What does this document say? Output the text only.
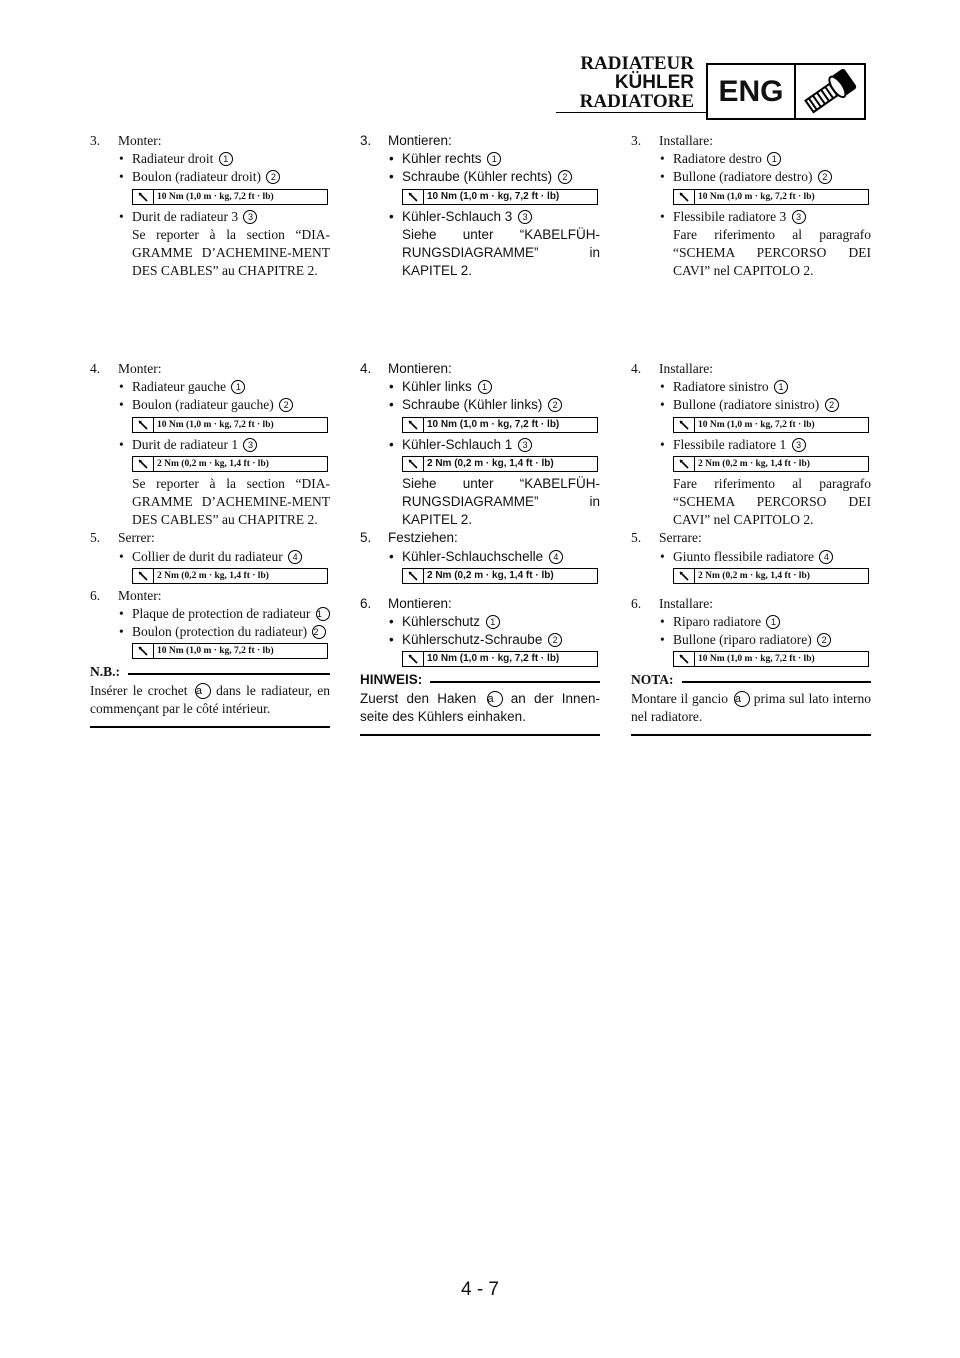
RADIATEUR
KÜHLER
RADIATORE ENG
3. Monter:
• Radiateur droit 1
• Boulon (radiateur droit) 2
10 Nm (1,0 m · kg, 7,2 ft · lb)
• Durit de radiateur 3 3
Se reporter à la section “DIA-GRAMME D’ACHEMINE-MENT DES CABLES” au CHAPITRE 2.
4. Monter:
• Radiateur gauche 1
• Boulon (radiateur gauche) 2
10 Nm (1,0 m · kg, 7,2 ft · lb)
• Durit de radiateur 1 3
2 Nm (0,2 m · kg, 1,4 ft · lb)
Se reporter à la section “DIA-GRAMME D’ACHEMINE-MENT DES CABLES” au CHAPITRE 2.
5. Serrer:
• Collier de durit du radiateur 4
2 Nm (0,2 m · kg, 1,4 ft · lb)
6. Monter:
• Plaque de protection de radiateur 1
• Boulon (protection du radiateur) 2
10 Nm (1,0 m · kg, 7,2 ft · lb)
N.B.:
Insérer le crochet a dans le radiateur, en commençant par le côté intérieur.
3. Montieren:
• Kühler rechts 1
• Schraube (Kühler rechts) 2
10 Nm (1,0 m · kg, 7,2 ft · lb)
• Kühler-Schlauch 3 3
Siehe unter “KABELFÜH-RUNGSDIAGRAMME” in KAPITEL 2.
4. Montieren:
• Kühler links 1
• Schraube (Kühler links) 2
10 Nm (1,0 m · kg, 7,2 ft · lb)
• Kühler-Schlauch 1 3
2 Nm (0,2 m · kg, 1,4 ft · lb)
Siehe unter “KABELFÜH-RUNGSDIAGRAMME” in KAPITEL 2.
5. Festziehen:
• Kühler-Schlauchschelle 4
2 Nm (0,2 m · kg, 1,4 ft · lb)
6. Montieren:
• Kühlerschutz 1
• Kühlerschutz-Schraube 2
10 Nm (1,0 m · kg, 7,2 ft · lb)
HINWEIS:
Zuerst den Haken a an der Innen-seite des Kühlers einhaken.
3. Installare:
• Radiatore destro 1
• Bullone (radiatore destro) 2
10 Nm (1,0 m · kg, 7,2 ft · lb)
• Flessibile radiatore 3 3
Fare riferimento al paragrafo “SCHEMA PERCORSO DEI CAVI” nel CAPITOLO 2.
4. Installare:
• Radiatore sinistro 1
• Bullone (radiatore sinistro) 2
10 Nm (1,0 m · kg, 7,2 ft · lb)
• Flessibile radiatore 1 3
2 Nm (0,2 m · kg, 1,4 ft · lb)
Fare riferimento al paragrafo “SCHEMA PERCORSO DEI CAVI” nel CAPITOLO 2.
5. Serrare:
• Giunto flessibile radiatore 4
2 Nm (0,2 m · kg, 1,4 ft · lb)
6. Installare:
• Riparo radiatore 1
• Bullone (riparo radiatore) 2
10 Nm (1,0 m · kg, 7,2 ft · lb)
NOTA:
Montare il gancio a prima sul lato interno nel radiatore.
4 - 7
